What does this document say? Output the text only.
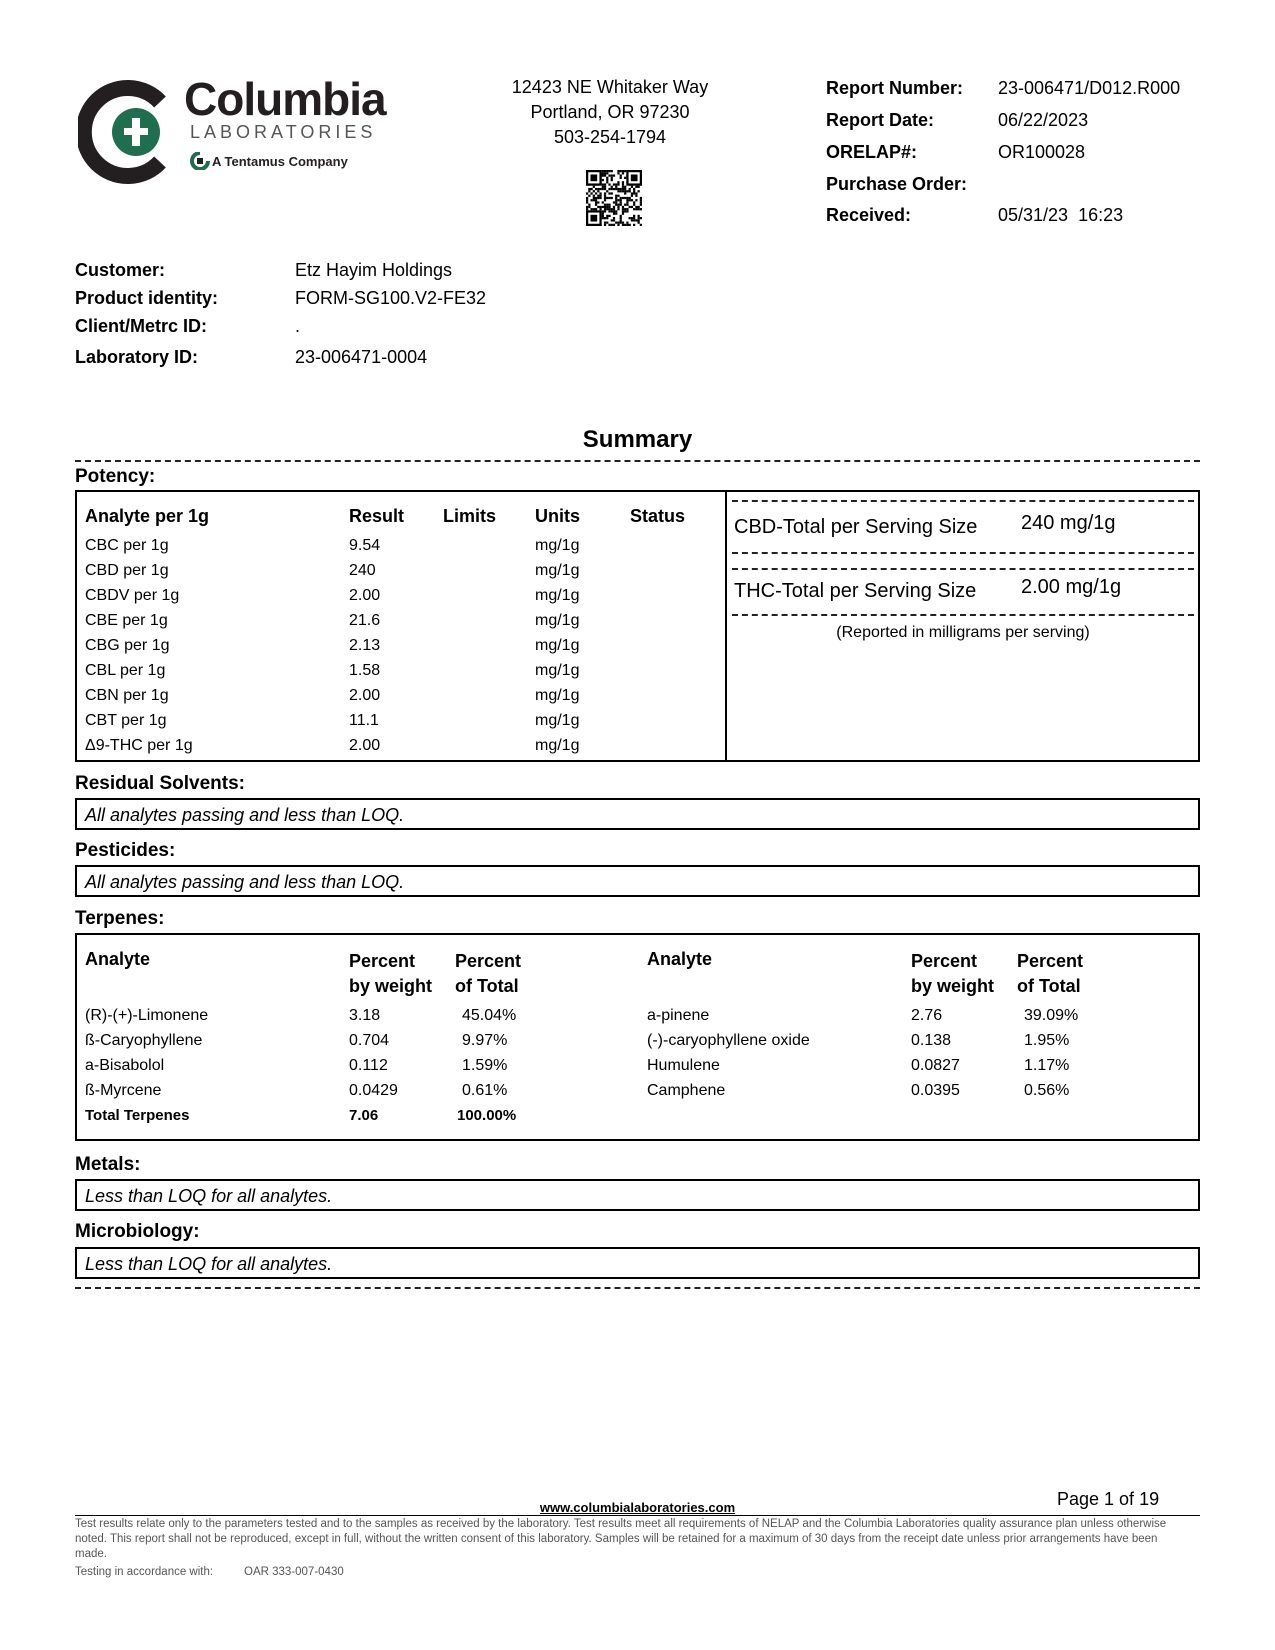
Columbia
LABORATORIES
A Tentamus Company
12423 NE Whitaker Way
Portland, OR 97230
503-254-1794
Report Number: 23-006471/D012.R000
Report Date:	06/22/2023
ORELAP#:	OR100028
Purchase Order:
Received:	05/31/23  16:23
Customer:	Etz Hayim Holdings
Product identity:	FORM-SG100.V2-FE32
Client/Metrc ID:	.
Laboratory ID:	23-006471-0004
Summary
Potency:
Analyte per 1g	Result Limits Units	Status
CBC per 1g	9.54	mg/1g
CBD per 1g	240	mg/1g
CBDV per 1g	2.00	mg/1g
CBE per 1g	21.6	mg/1g
CBG per 1g	2.13	mg/1g
CBL per 1g	1.58	mg/1g
CBN per 1g	2.00	mg/1g
CBT per 1g	11.1	mg/1g
Δ9-THC per 1g	2.00	mg/1g
CBD-Total per Serving Size 240 mg/1g
THC-Total per Serving Size 2.00 mg/1g
(Reported in milligrams per serving)
Residual Solvents:
All analytes passing and less than LOQ.
Pesticides:
All analytes passing and less than LOQ.
Terpenes:
Analyte	Percent
by weight
Percent
of Total
Analyte	Percent
by weight
Percent
of Total
(R)-(+)-Limonene	3.18	45.04%	a-pinene	2.76	39.09%
ß-Caryophyllene	0.704	9.97%	(-)-caryophyllene oxide	0.138	1.95%
a-Bisabolol	0.112	1.59%	Humulene	0.0827	1.17%
ß-Myrcene	0.0429	0.61%	Camphene	0.0395	0.56%
Total Terpenes	7.06	100.00%
Metals:
Less than LOQ for all analytes.
Microbiology:
Less than LOQ for all analytes.
Page 1 of 19
www.columbialaboratories.com
Test results relate only to the parameters tested and to the samples as received by the laboratory. Test results meet all requirements of NELAP and the Columbia Laboratories quality assurance plan unless otherwise noted. This report shall not be reproduced, except in full, without the written consent of this laboratory. Samples will be retained for a maximum of 30 days from the receipt date unless prior arrangements have been made.
Testing in accordance with:	OAR 333-007-0430
